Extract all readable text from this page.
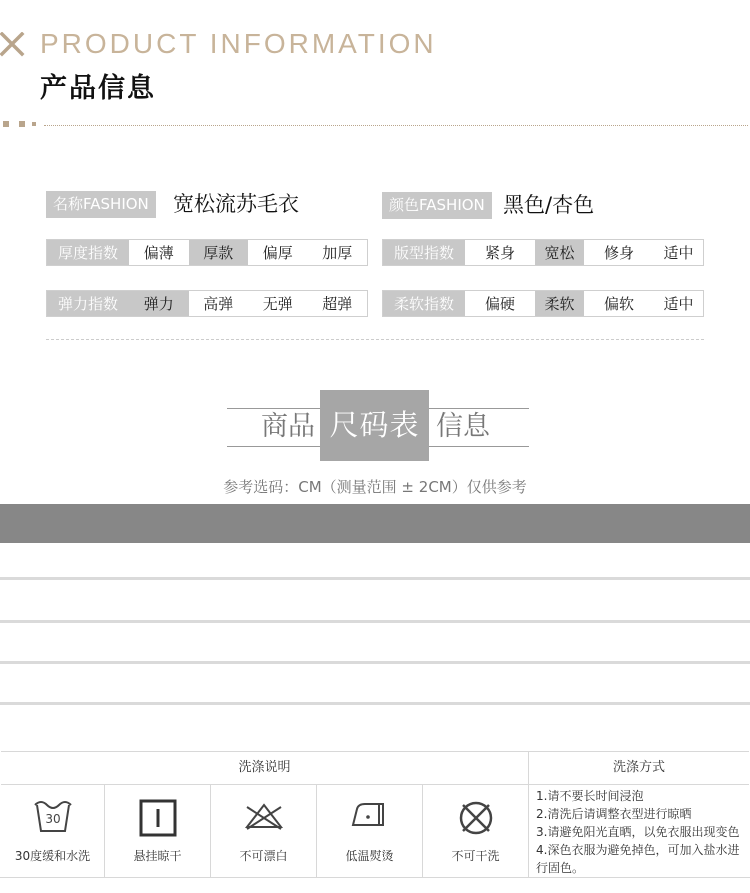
PRODUCT INFORMATION
产品信息
名称FASHION	宽松流苏毛衣	颜色FASHION 黑色/杏色
厚度指数	偏薄	厚款	偏厚	加厚	版型指数	紧身	宽松	修身	适中
弹力指数	弹力	高弹	无弹	超弹	柔软指数	偏硬	柔软	偏软	适中
商品 尺码表 信息
参考选码：CM（测量范围 ± 2CM）仅供参考
洗涤说明	洗涤方式
30
30度缓和水洗	悬挂晾干	不可漂白	低温熨烫	不可干洗
1.请不要长时间浸泡
2.清洗后请调整衣型进行晾晒
3.请避免阳光直晒，以免衣服出现变色
4.深色衣服为避免掉色，可加入盐水进行固色。
